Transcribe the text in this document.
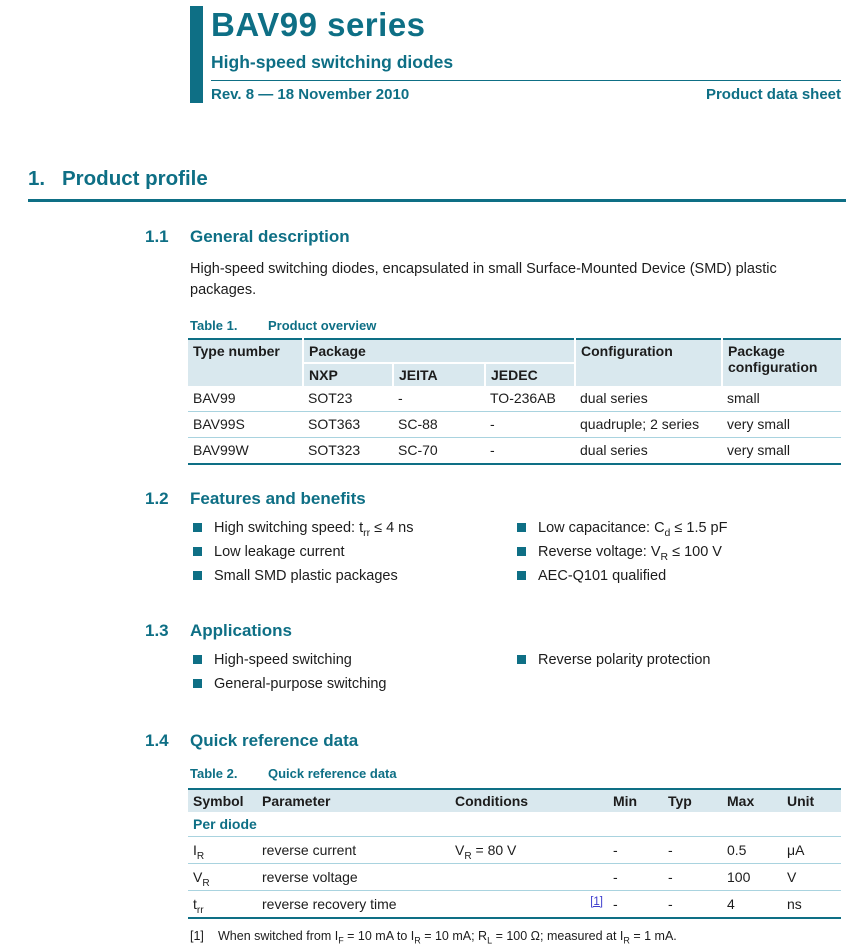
BAV99 series
High-speed switching diodes
Rev. 8 — 18 November 2010	Product data sheet
1. Product profile
1.1	General description

High-speed switching diodes, encapsulated in small Surface-Mounted Device (SMD) plastic packages.

Table 1.	Product overview
Type number	Package			Configuration	Package configuration
	NXP	JEITA	JEDEC		
BAV99	SOT23	-	TO-236AB	dual series	small
BAV99S	SOT363	SC-88	-	quadruple; 2 series	very small
BAV99W	SOT323	SC-70	-	dual series	very small
1.2	Features and benefits
High switching speed: $t_{rr} \le 4$ ns
Low leakage current
Small SMD plastic packages
Low capacitance: $C_d \le 1.5$ pF
Reverse voltage: $V_R \le 100$ V
AEC-Q101 qualified
1.3	Applications
High-speed switching
General-purpose switching
Reverse polarity protection
1.4	Quick reference data
Table 2.	Quick reference data
Symbol	Parameter	Conditions	Min	Typ	Max	Unit
Per diode						
$I_R$	reverse current	$V_R = 80$ V	-	-	0.5	μA
$V_R$	reverse voltage		-	-	100	V
$t_{rr}$	reverse recovery time	[1]	-	-	4	ns
[1]	When switched from $I_F = 10$ mA to $I_R = 10$ mA; $R_L = 100$ Ω; measured at $I_R = 1$ mA.
